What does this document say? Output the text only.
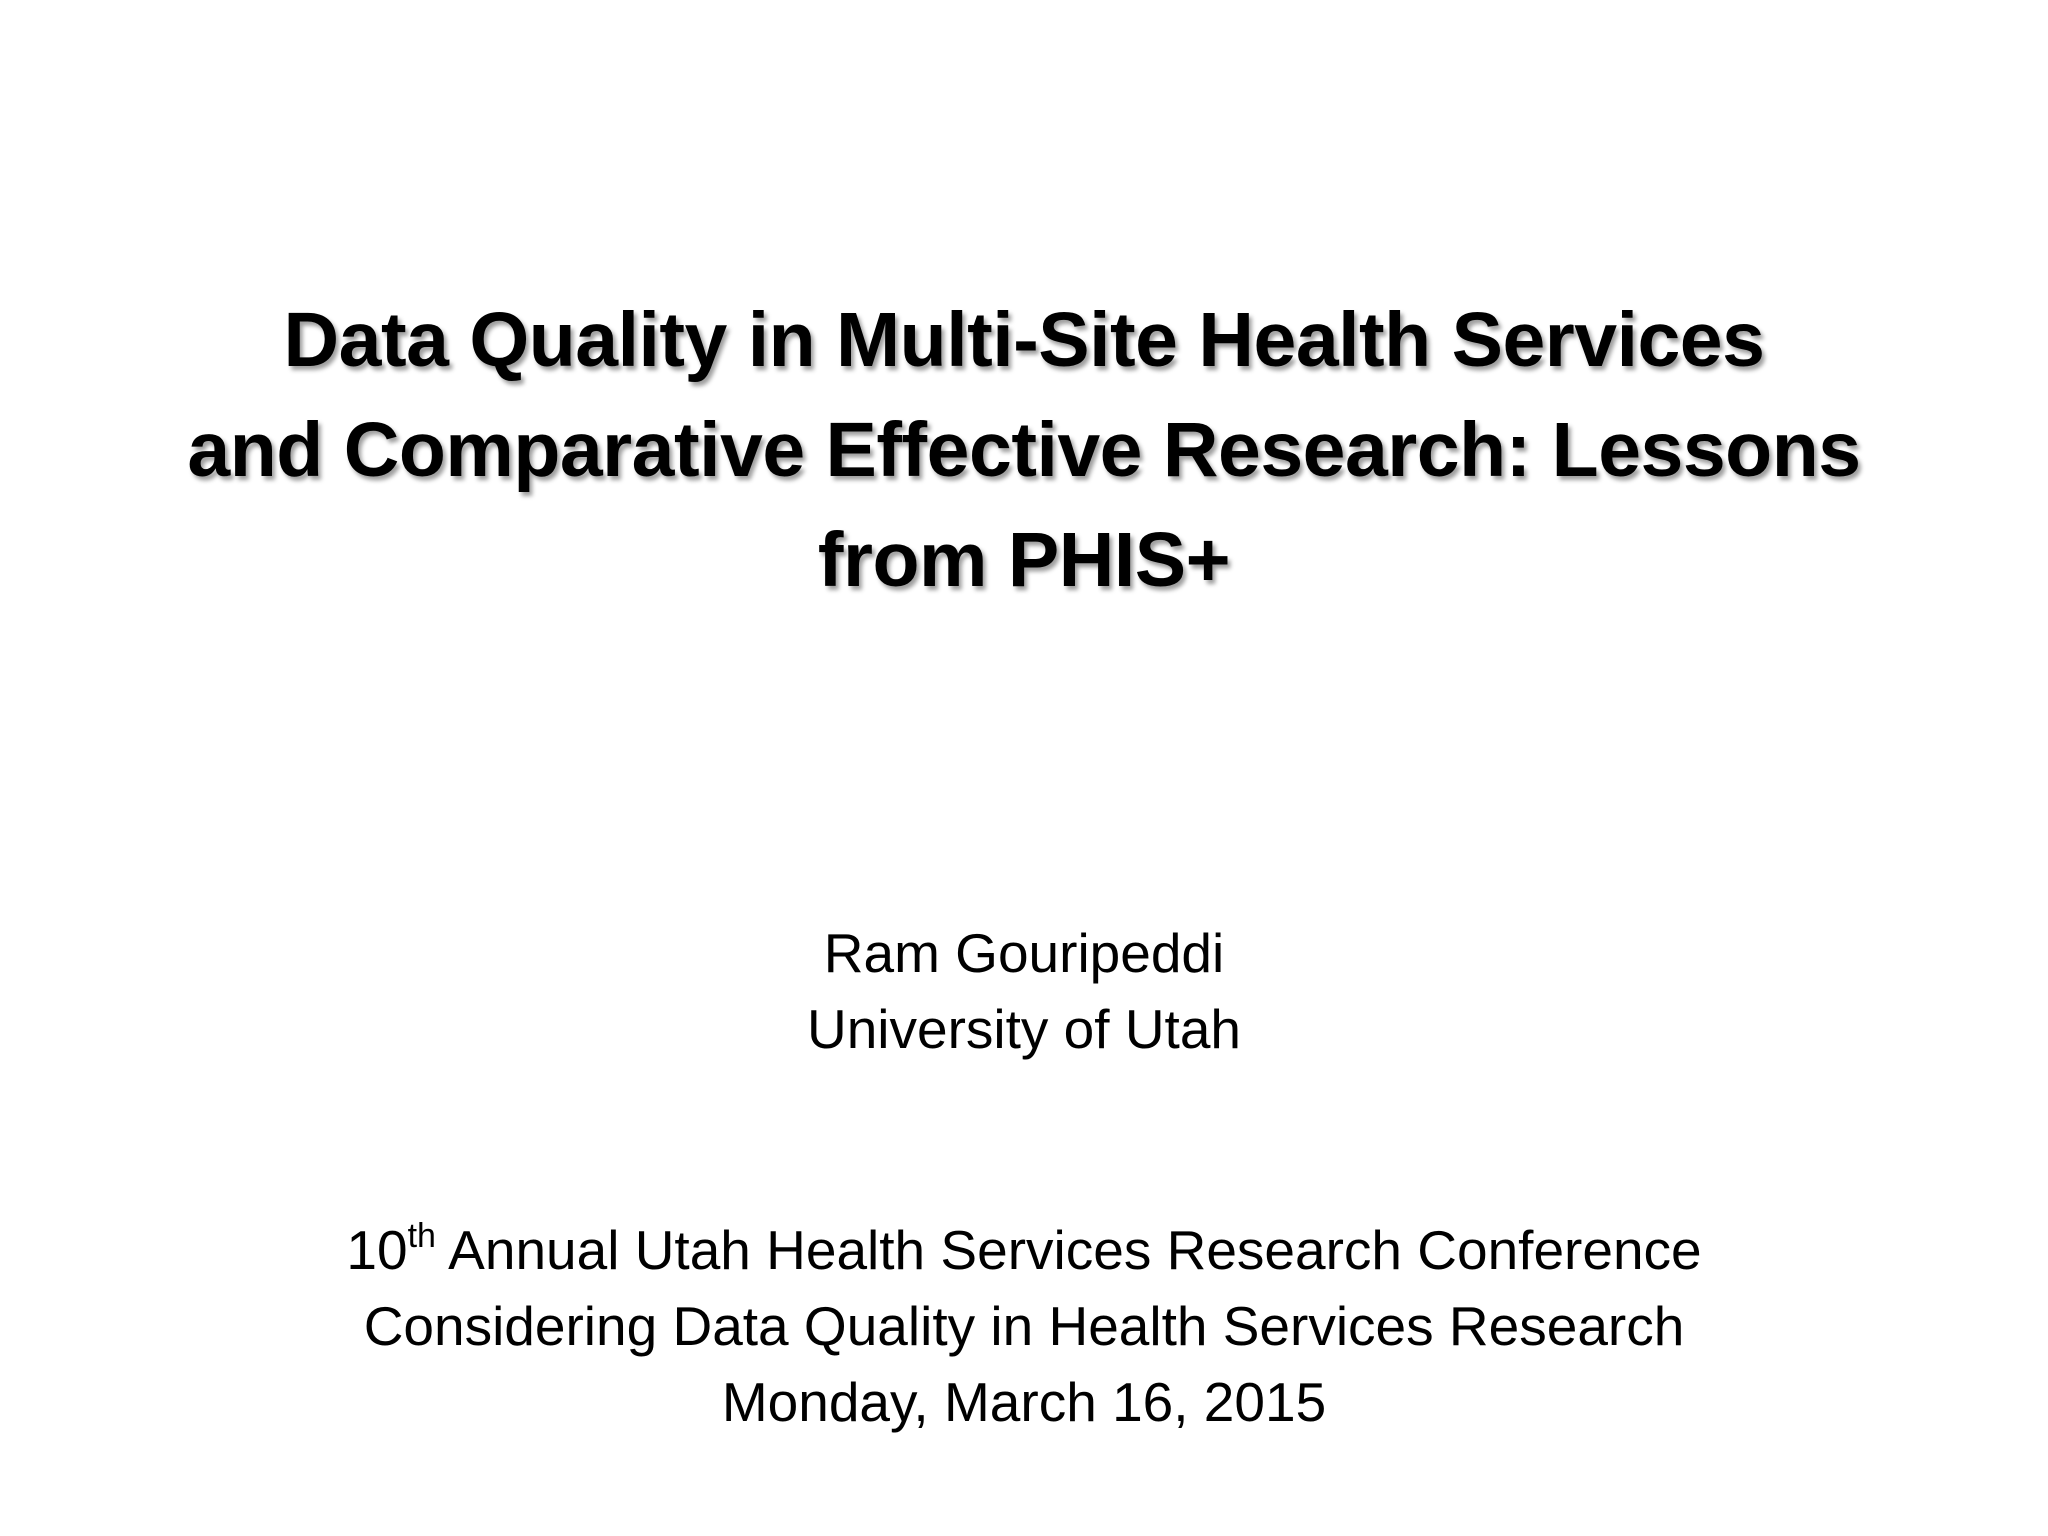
Data Quality in Multi-Site Health Services
and Comparative Effective Research: Lessons
from PHIS+
Ram Gouripeddi
University of Utah
10th Annual Utah Health Services Research Conference
Considering Data Quality in Health Services Research
Monday, March 16, 2015
